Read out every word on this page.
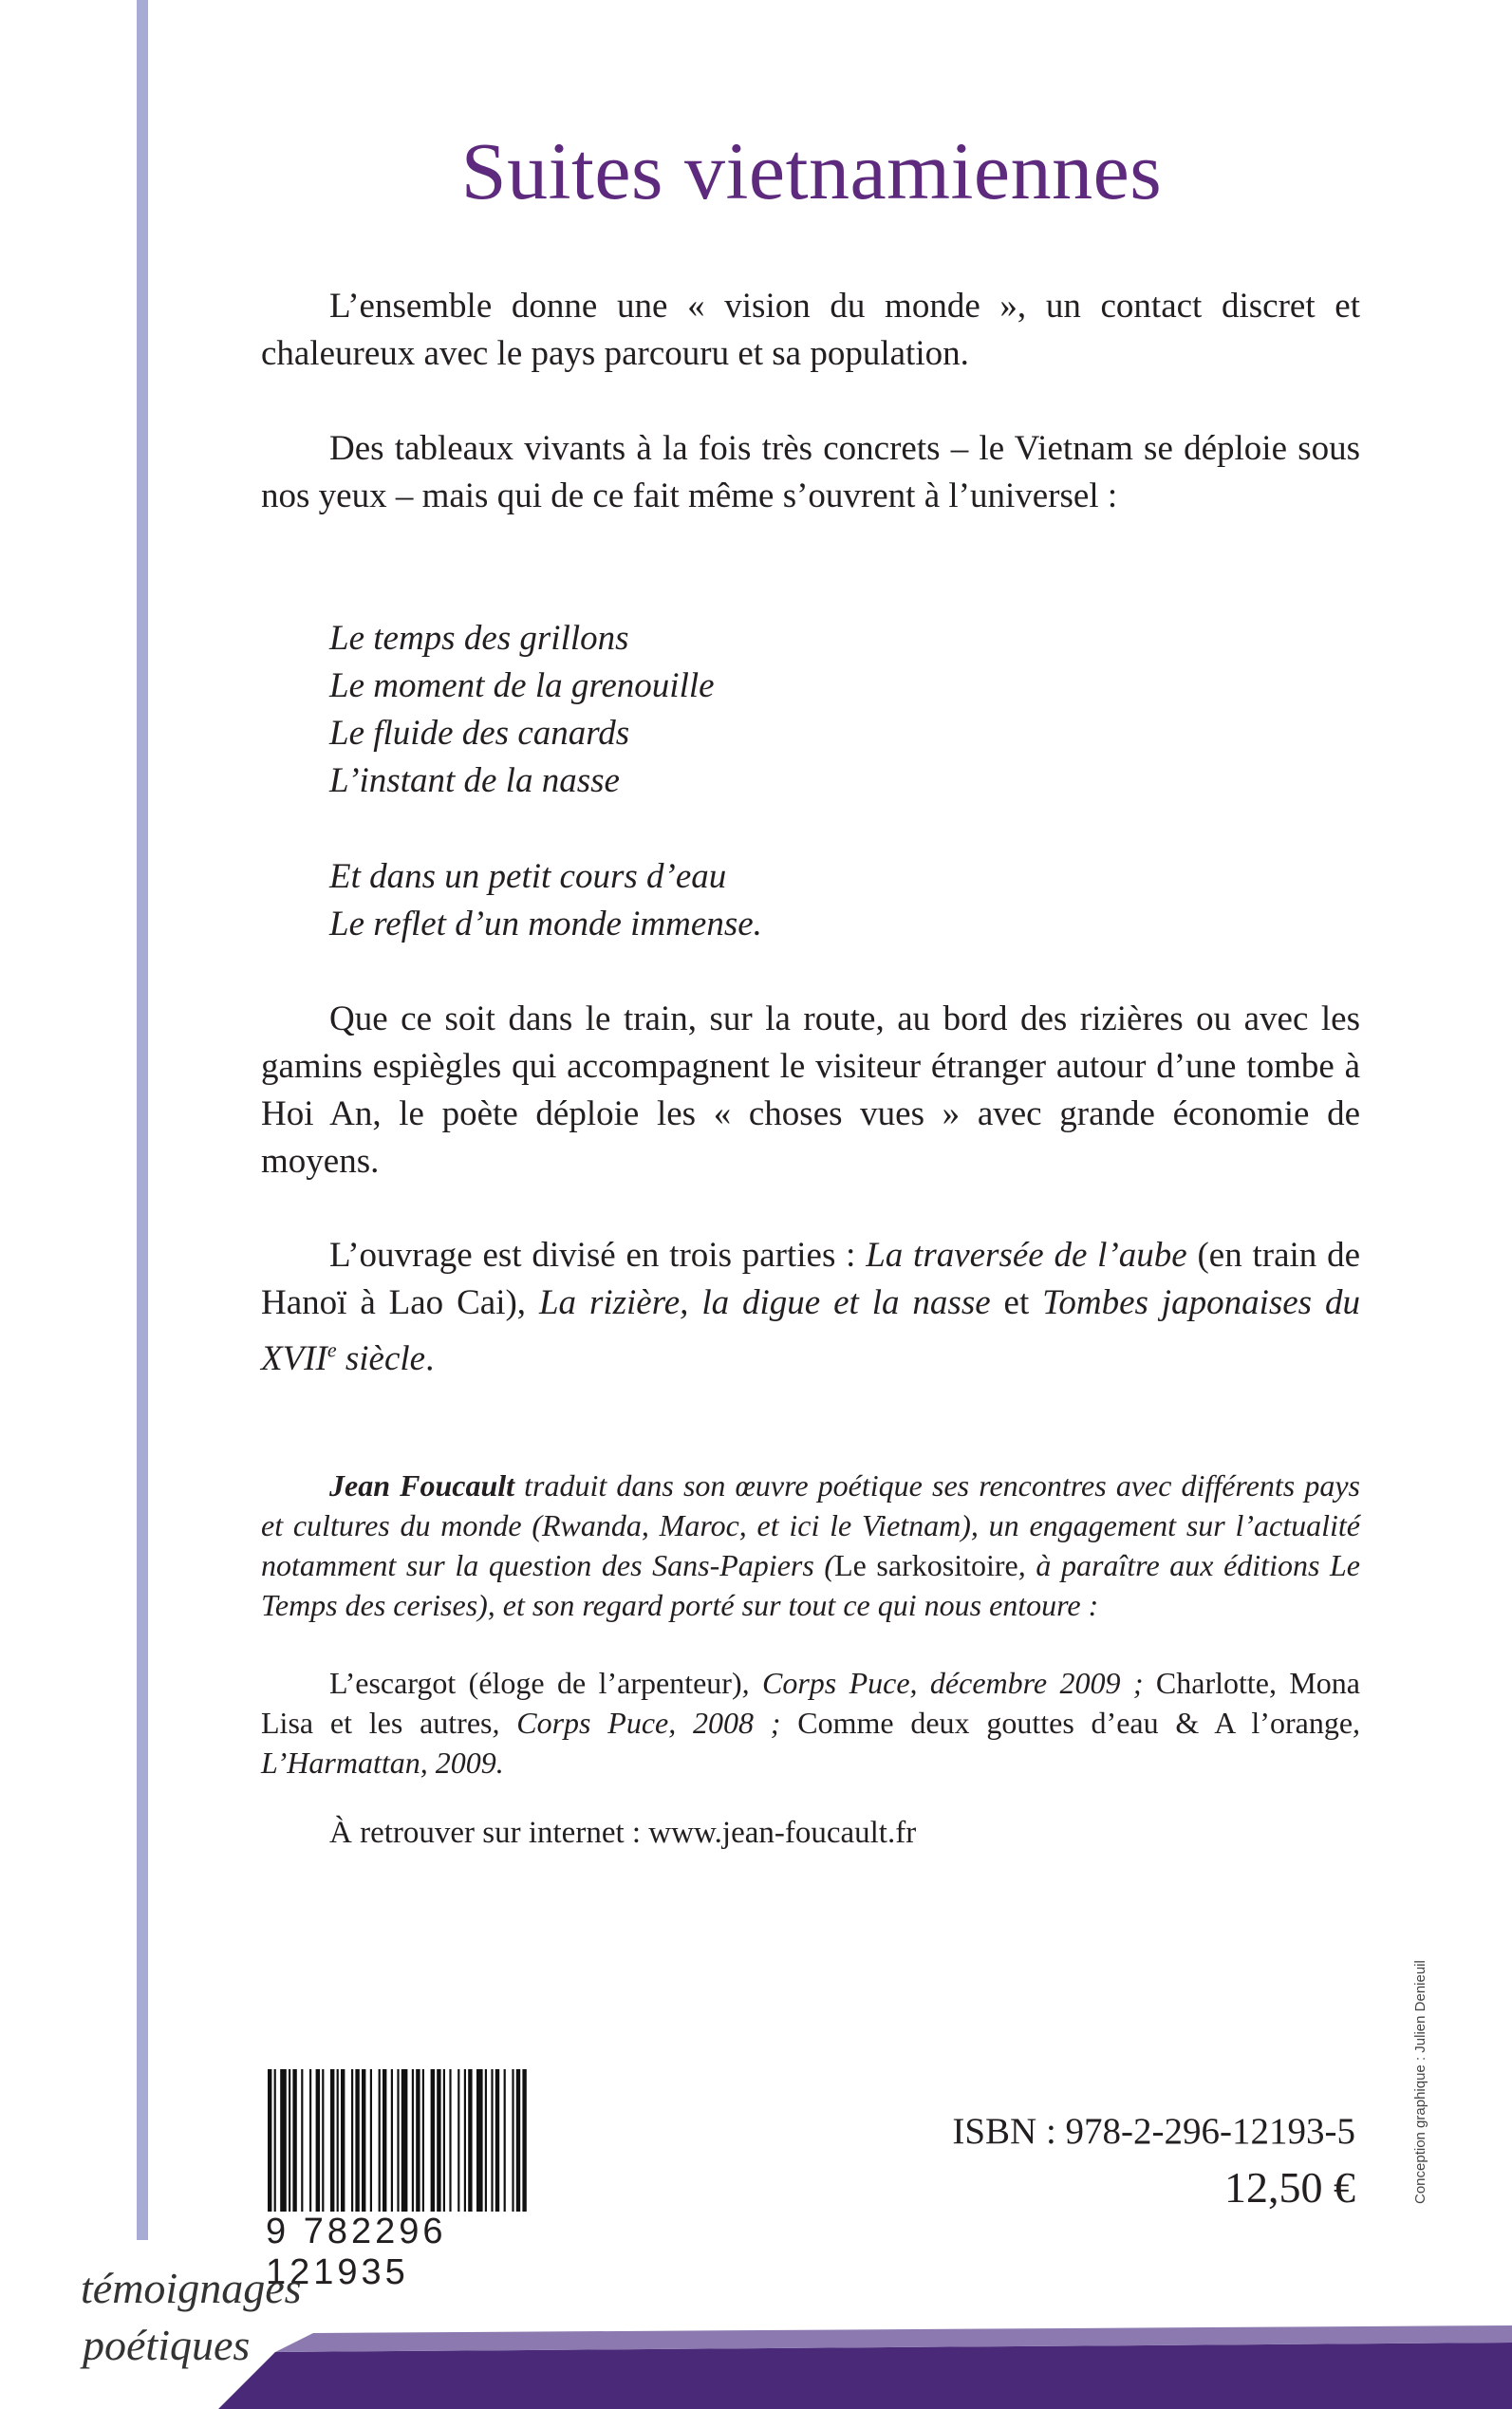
Suites vietnamiennes

L’ensemble donne une « vision du monde », un contact discret et chaleureux avec le pays parcouru et sa population.

Des tableaux vivants à la fois très concrets – le Vietnam se déploie sous nos yeux – mais qui de ce fait même s’ouvrent à l’universel :

Le temps des grillons
Le moment de la grenouille
Le fluide des canards
L’instant de la nasse
Et dans un petit cours d’eau
Le reflet d’un monde immense.

Que ce soit dans le train, sur la route, au bord des rizières ou avec les gamins espiègles qui accompagnent le visiteur étranger autour d’une tombe à Hoi An, le poète déploie les « choses vues » avec grande économie de moyens.

L’ouvrage est divisé en trois parties : La traversée de l’aube (en train de Hanoï à Lao Cai), La rizière, la digue et la nasse et Tombes japonaises du XVIIe siècle.

Jean Foucault traduit dans son œuvre poétique ses rencontres avec différents pays et cultures du monde (Rwanda, Maroc, et ici le Vietnam), un engagement sur l’actualité notamment sur la question des Sans-Papiers (Le sarkositoire, à paraître aux éditions Le Temps des cerises), et son regard porté sur tout ce qui nous entoure :

L’escargot (éloge de l’arpenteur), Corps Puce, décembre 2009 ; Charlotte, Mona Lisa et les autres, Corps Puce, 2008 ; Comme deux gouttes d’eau & A l’orange, L’Harmattan, 2009.

À retrouver sur internet : www.jean-foucault.fr
Conception graphique : Julien Denieuil
9 782296 121935
ISBN : 978-2-296-12193-5
12,50 €
témoignages
poétiques
